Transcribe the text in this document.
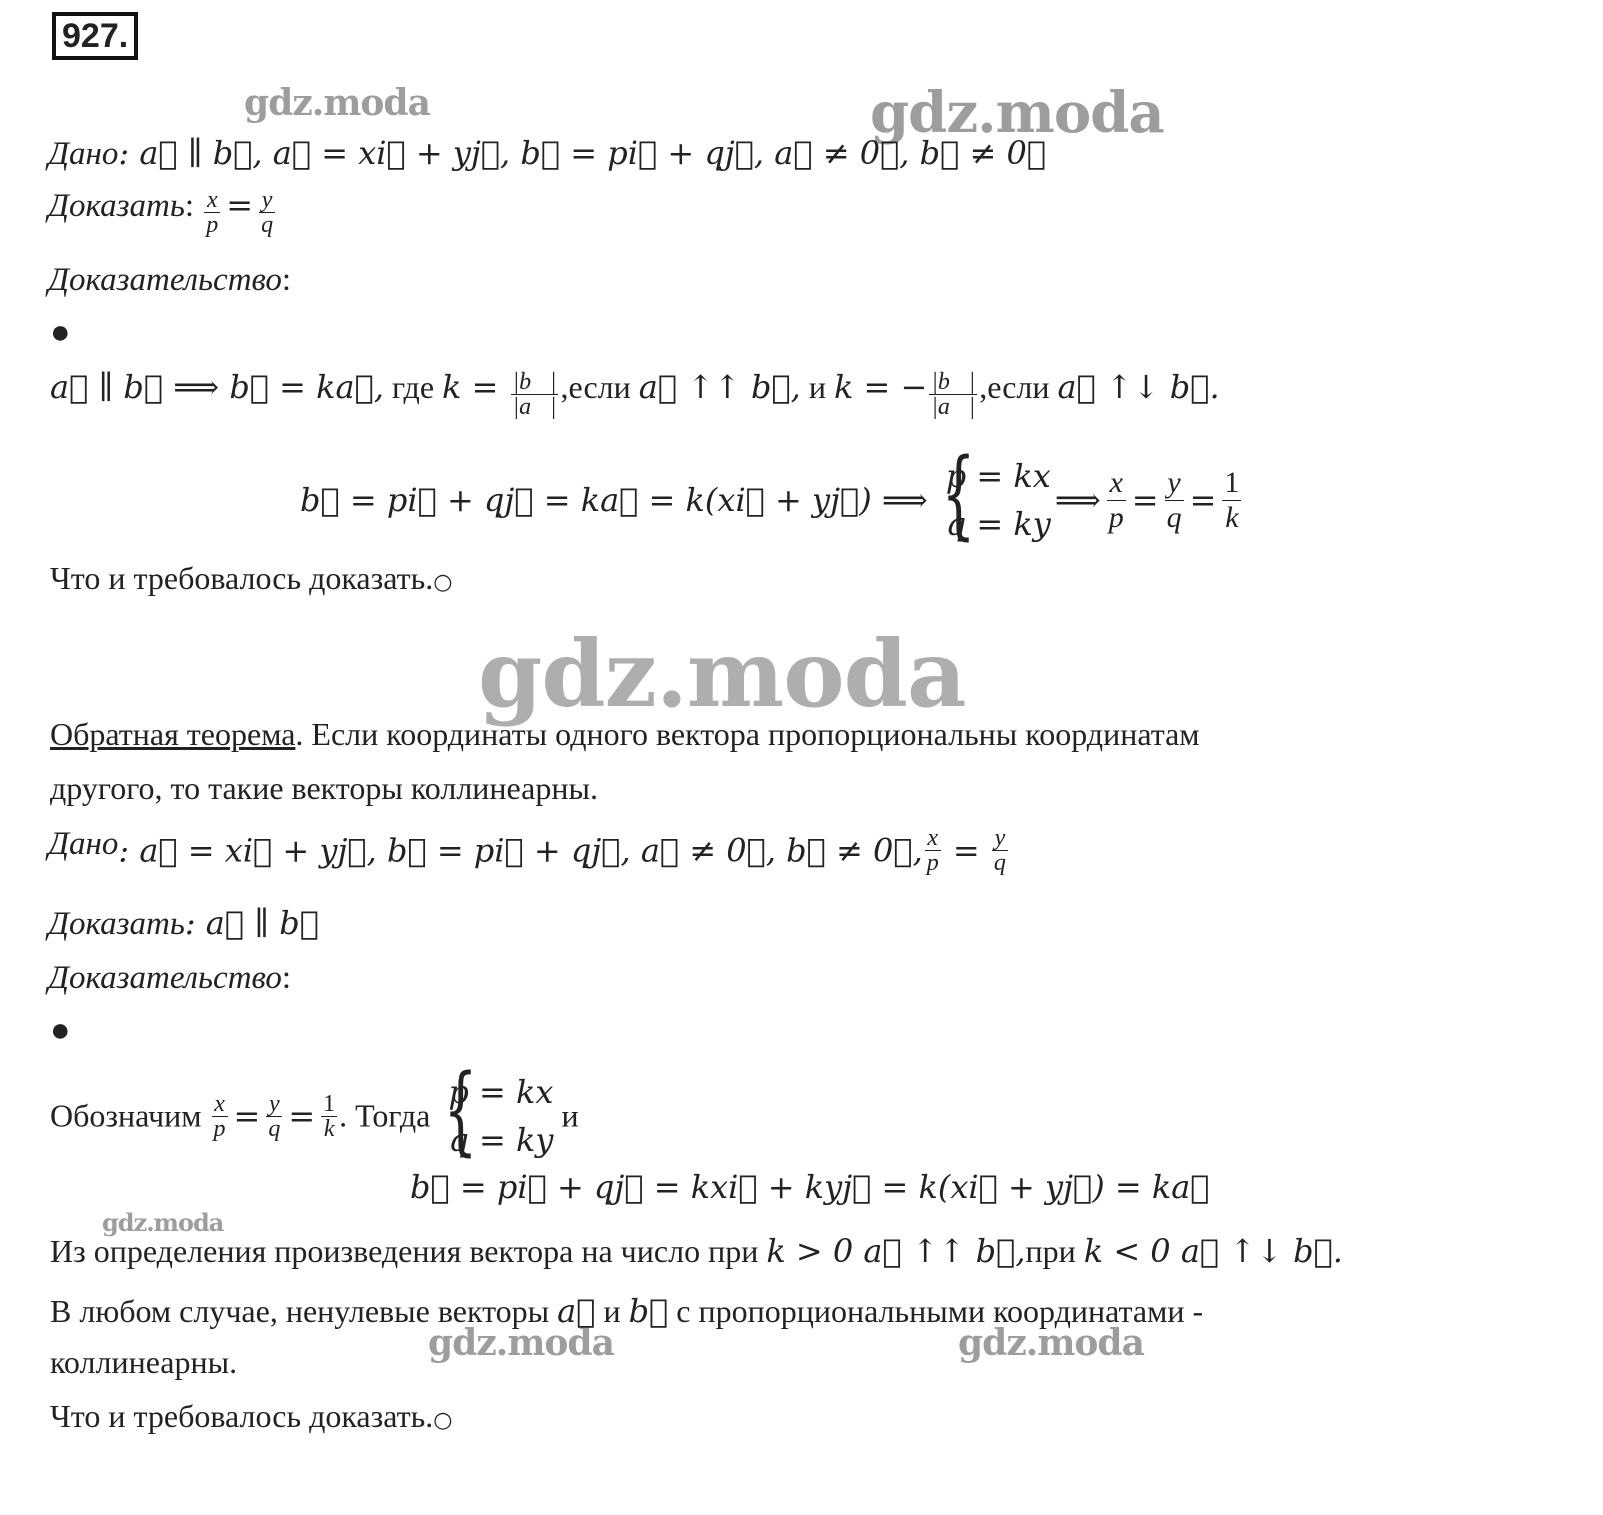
927.
gdz.moda	gdz.moda
gdz.moda
gdz.moda
gdz.moda	gdz.moda
Дано: a⃗ ∥ b⃗, a⃗ = xi⃗ + yj⃗, b⃗ = pi⃗ + qj⃗, a⃗ ≠ 0⃗, b⃗ ≠ 0⃗
Доказать: $\frac{x}{p} = \frac{y}{q}$
Доказательство:
●
a⃗ ∥ b⃗ ⟹ b⃗ = ka⃗, где $k = \frac{|b⃗|}{|a⃗|}$ ,если a⃗ ↑↑ b⃗, и k = − $\frac{|b⃗|}{|a⃗|}$ ,если a⃗ ↑↓ b⃗.
b⃗ = pi⃗ + qj⃗ = ka⃗ = k(xi⃗ + yj⃗) ⟹ {
p = kx
q = ky
⟹ $\frac{x}{p} = \frac{y}{q} = \frac{1}{k}$
Что и требовалось доказать.○
Обратная теорема. Если координаты одного вектора пропорциональны координатам
другого, то такие векторы коллинеарны.
Дано: a⃗ = xi⃗ + yj⃗, b⃗ = pi⃗ + qj⃗, a⃗ ≠ 0⃗, b⃗ ≠ 0⃗, $\frac{x}{p} = \frac{y}{q}$
Доказать: a⃗ ∥ b⃗
Доказательство:
●
Обозначим $\frac{x}{p} = \frac{y}{q} = \frac{1}{k}$ . Тогда {
p = kx
q = ky
и
b⃗ = pi⃗ + qj⃗ = kxi⃗ + kyj⃗ = k(xi⃗ + yj⃗) = ka⃗
Из определения произведения вектора на число при k > 0 a⃗ ↑↑ b⃗,при k < 0 a⃗ ↑↓ b⃗.
В любом случае, ненулевые векторы a⃗ и b⃗ с пропорциональными координатами -
коллинеарны.
Что и требовалось доказать.○
